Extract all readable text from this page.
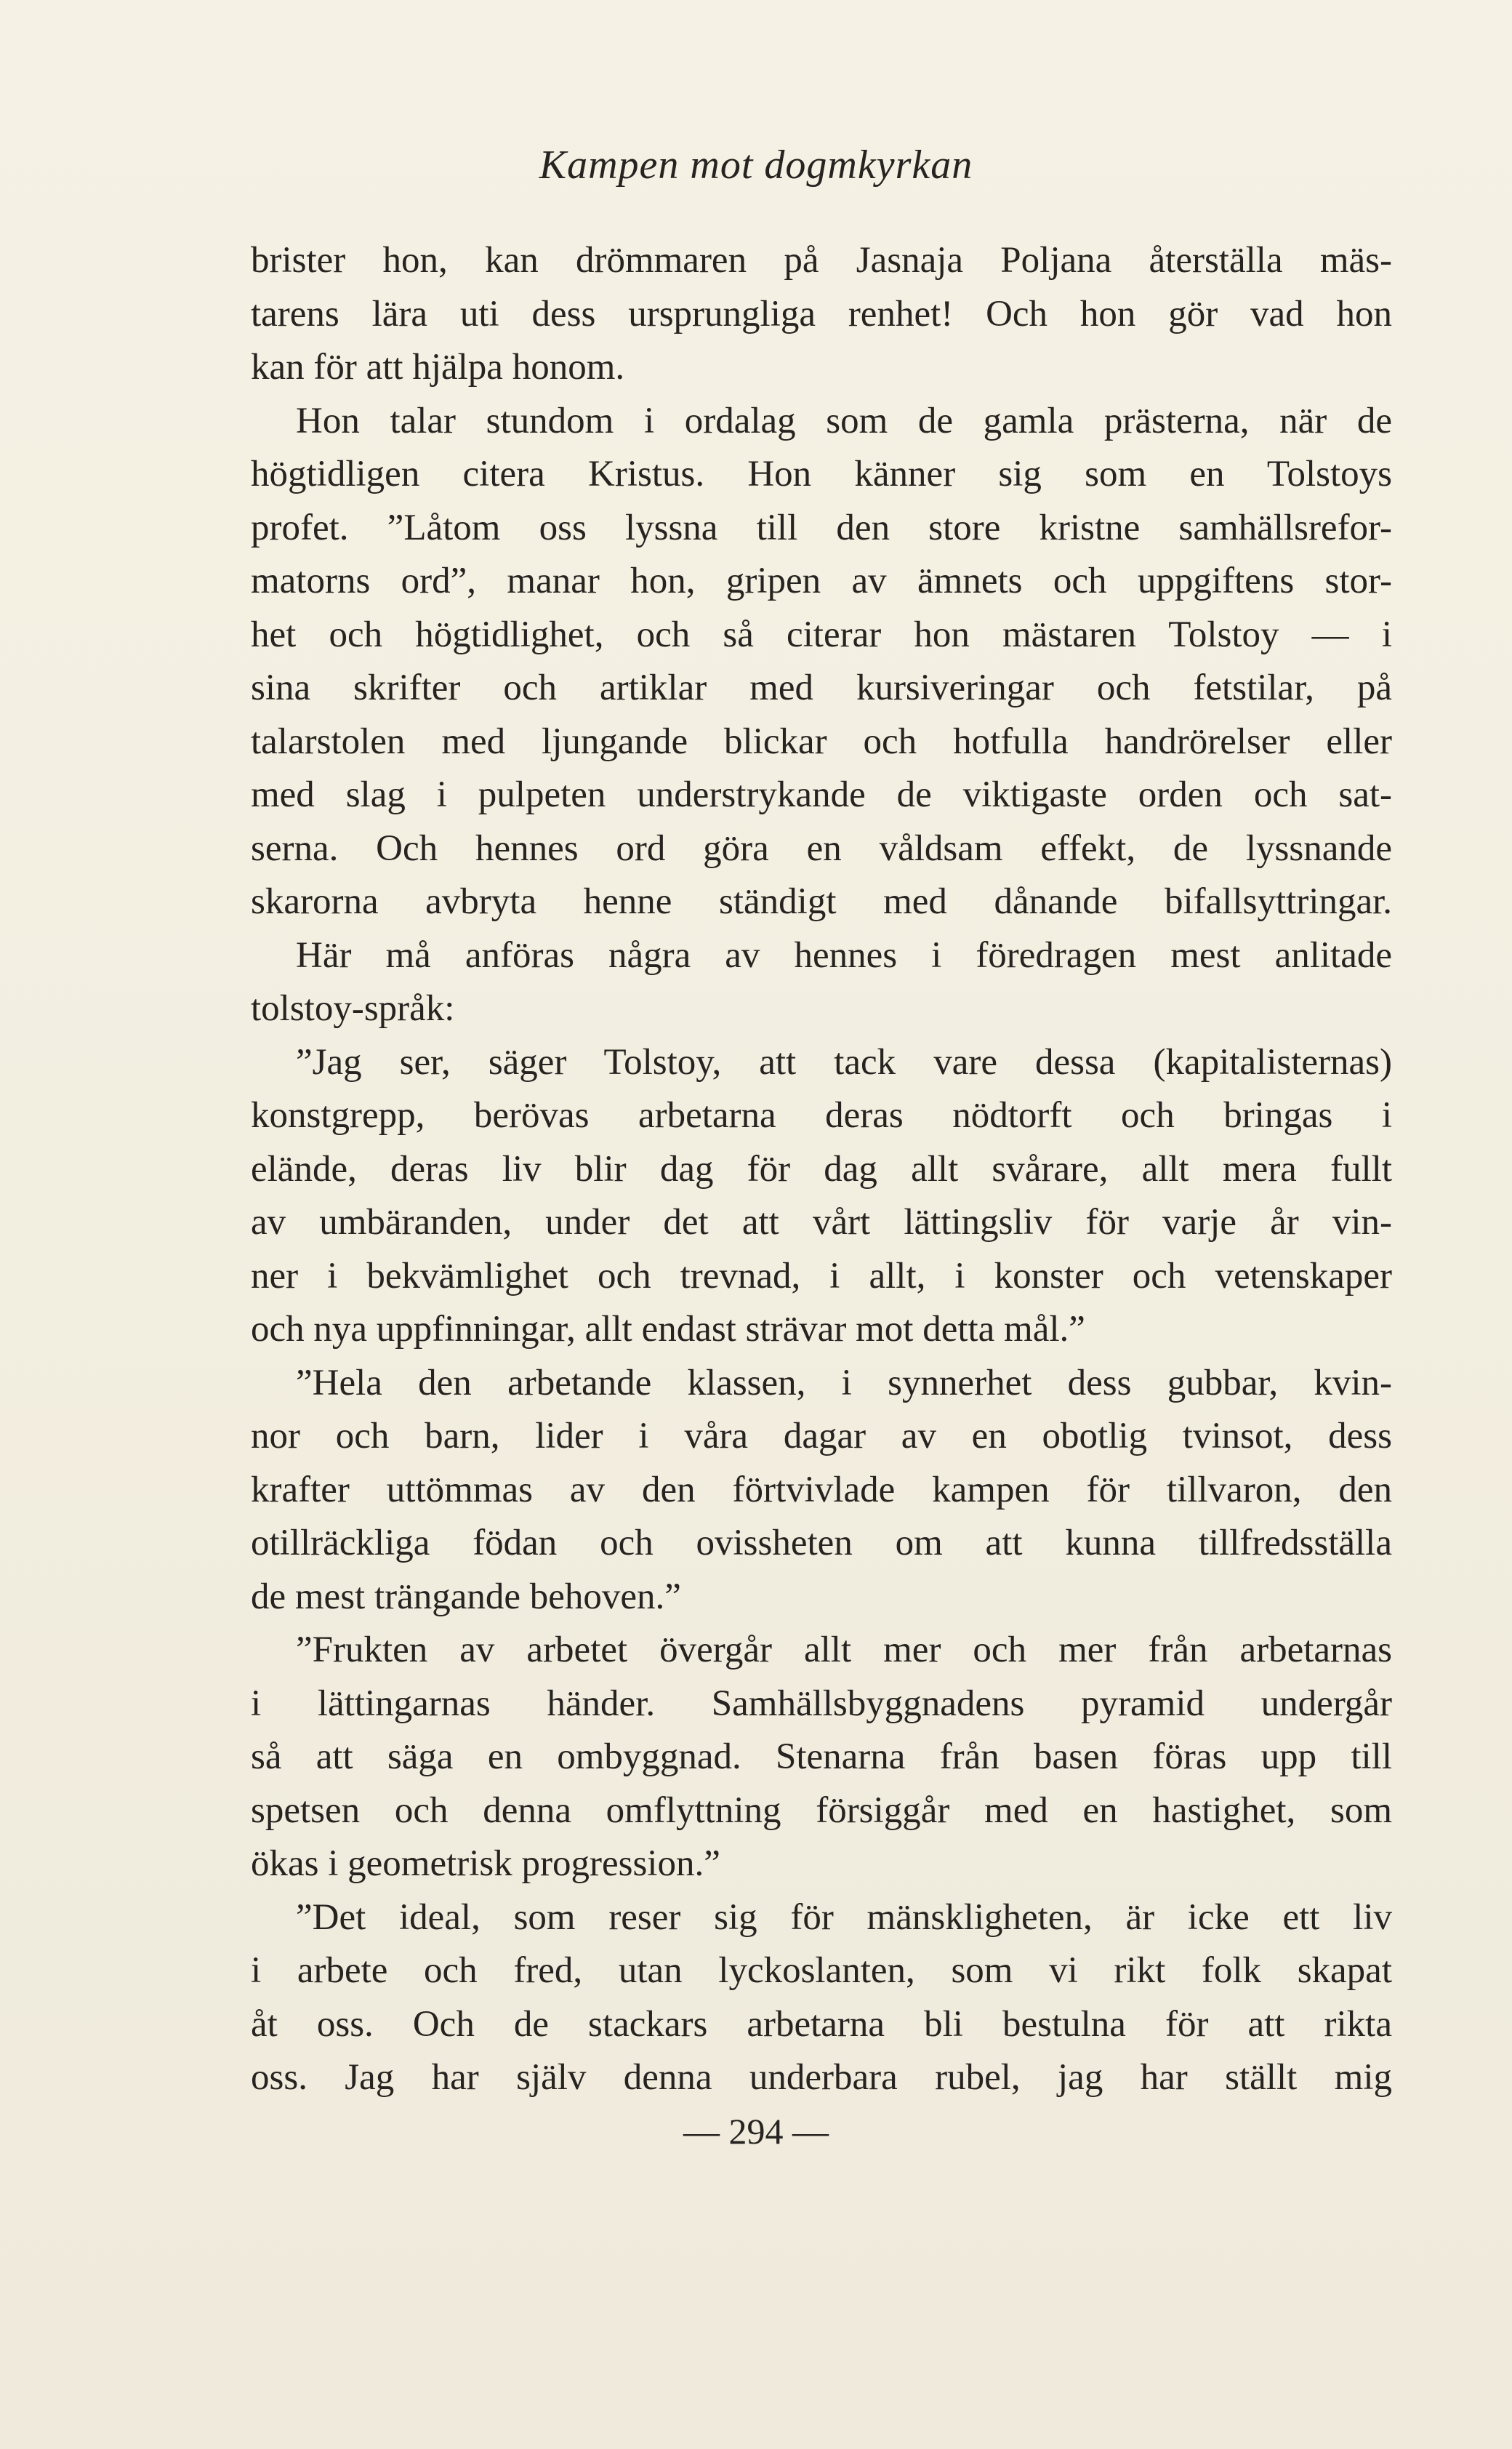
Kampen mot dogmkyrkan
brister hon, kan drömmaren på Jasnaja Poljana återställa mäs-
tarens lära uti dess ursprungliga renhet! Och hon gör vad hon
kan för att hjälpa honom.
Hon talar stundom i ordalag som de gamla prästerna, när de
högtidligen citera Kristus. Hon känner sig som en Tolstoys
profet. ”Låtom oss lyssna till den store kristne samhällsrefor-
matorns ord”, manar hon, gripen av ämnets och uppgiftens stor-
het och högtidlighet, och så citerar hon mästaren Tolstoy — i
sina skrifter och artiklar med kursiveringar och fetstilar, på
talarstolen med ljungande blickar och hotfulla handrörelser eller
med slag i pulpeten understrykande de viktigaste orden och sat-
serna. Och hennes ord göra en våldsam effekt, de lyssnande
skarorna avbryta henne ständigt med dånande bifallsyttringar.
Här må anföras några av hennes i föredragen mest anlitade
tolstoy-språk:
”Jag ser, säger Tolstoy, att tack vare dessa (kapitalisternas)
konstgrepp, berövas arbetarna deras nödtorft och bringas i
elände, deras liv blir dag för dag allt svårare, allt mera fullt
av umbäranden, under det att vårt lättingsliv för varje år vin-
ner i bekvämlighet och trevnad, i allt, i konster och vetenskaper
och nya uppfinningar, allt endast strävar mot detta mål.”
”Hela den arbetande klassen, i synnerhet dess gubbar, kvin-
nor och barn, lider i våra dagar av en obotlig tvinsot, dess
krafter uttömmas av den förtvivlade kampen för tillvaron, den
otillräckliga födan och ovissheten om att kunna tillfredsställa
de mest trängande behoven.”
”Frukten av arbetet övergår allt mer och mer från arbetarnas
i lättingarnas händer. Samhällsbyggnadens pyramid undergår
så att säga en ombyggnad. Stenarna från basen föras upp till
spetsen och denna omflyttning försiggår med en hastighet, som
ökas i geometrisk progression.”
”Det ideal, som reser sig för mänskligheten, är icke ett liv
i arbete och fred, utan lyckoslanten, som vi rikt folk skapat
åt oss. Och de stackars arbetarna bli bestulna för att rikta
oss. Jag har själv denna underbara rubel, jag har ställt mig
— 294 —
